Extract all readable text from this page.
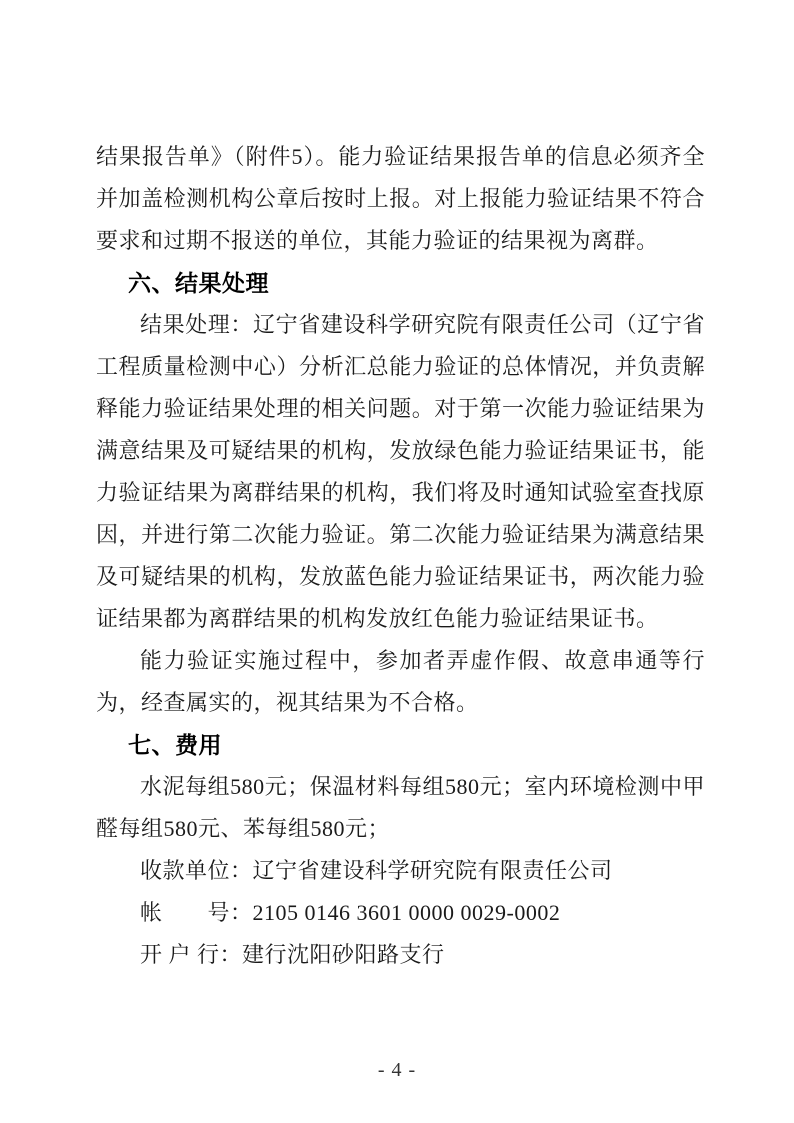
结果报告单》（附件5）。能力验证结果报告单的信息必须齐全并加盖检测机构公章后按时上报。对上报能力验证结果不符合要求和过期不报送的单位，其能力验证的结果视为离群。

六、结果处理

结果处理：辽宁省建设科学研究院有限责任公司（辽宁省工程质量检测中心）分析汇总能力验证的总体情况，并负责解释能力验证结果处理的相关问题。对于第一次能力验证结果为满意结果及可疑结果的机构，发放绿色能力验证结果证书，能力验证结果为离群结果的机构，我们将及时通知试验室查找原因，并进行第二次能力验证。第二次能力验证结果为满意结果及可疑结果的机构，发放蓝色能力验证结果证书，两次能力验证结果都为离群结果的机构发放红色能力验证结果证书。

能力验证实施过程中，参加者弄虚作假、故意串通等行为，经查属实的，视其结果为不合格。

七、费用

水泥每组580元；保温材料每组580元；室内环境检测中甲醛每组580元、苯每组580元；

收款单位：辽宁省建设科学研究院有限责任公司

帐　　号：2105 0146 3601 0000 0029-0002

开 户 行：建行沈阳砂阳路支行

- 4 -
